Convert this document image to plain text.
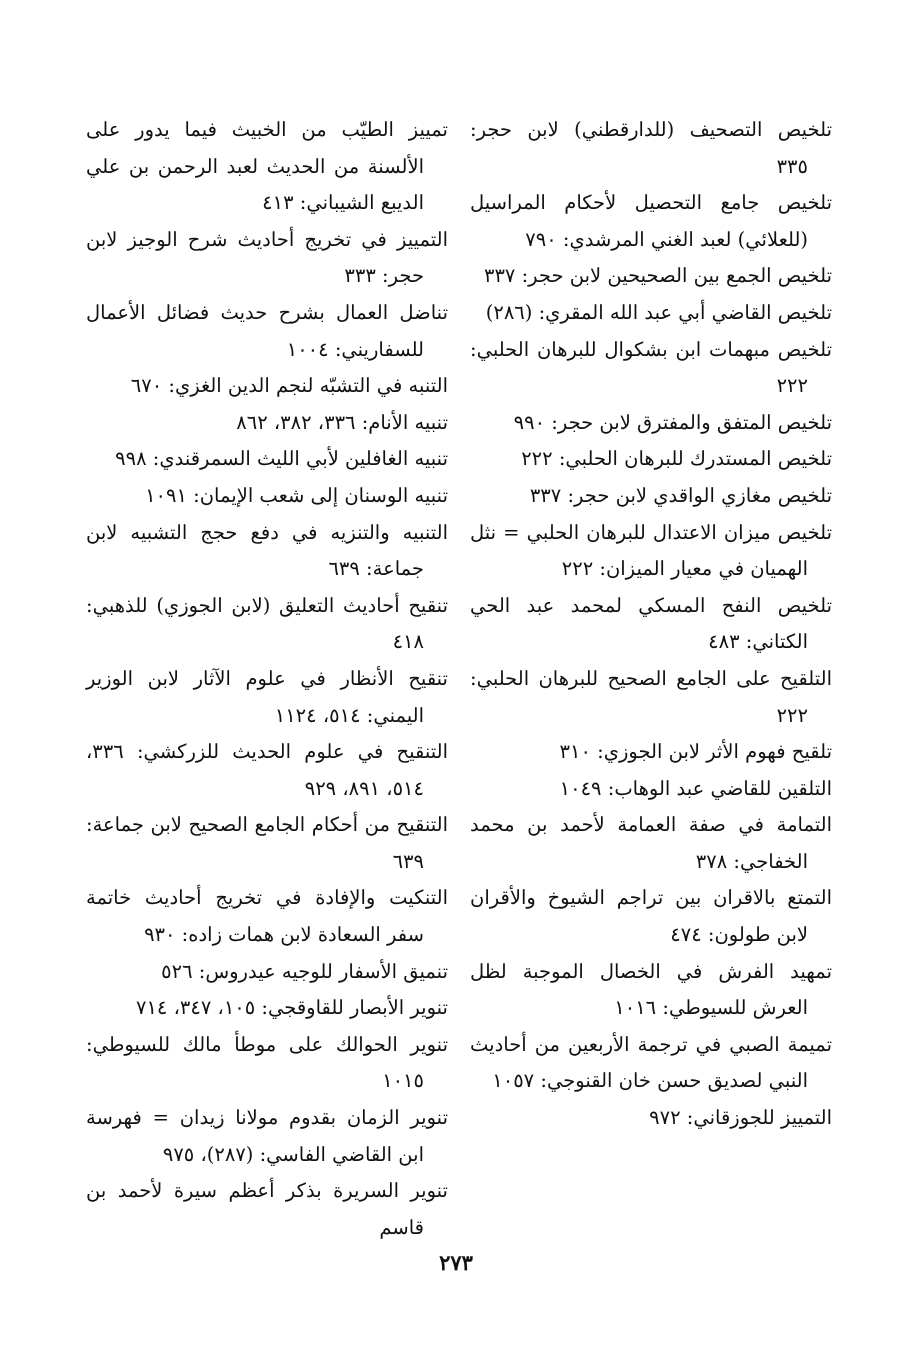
تلخيص التصحيف (للدارقطني) لابن حجر: ٣٣٥
تلخيص جامع التحصيل لأحكام المراسيل (للعلائي) لعبد الغني المرشدي: ٧٩٠
تلخيص الجمع بين الصحيحين لابن حجر: ٣٣٧
تلخيص القاضي أبي عبد الله المقري: (٢٨٦)
تلخيص مبهمات ابن بشكوال للبرهان الحلبي: ٢٢٢
تلخيص المتفق والمفترق لابن حجر: ٩٩٠
تلخيص المستدرك للبرهان الحلبي: ٢٢٢
تلخيص مغازي الواقدي لابن حجر: ٣٣٧
تلخيص ميزان الاعتدال للبرهان الحلبي = نثل الهميان في معيار الميزان: ٢٢٢
تلخيص النفح المسكي لمحمد عبد الحي الكتاني: ٤٨٣
التلقيح على الجامع الصحيح للبرهان الحلبي: ٢٢٢
تلقيح فهوم الأثر لابن الجوزي: ٣١٠
التلقين للقاضي عبد الوهاب: ١٠٤٩
التمامة في صفة العمامة لأحمد بن محمد الخفاجي: ٣٧٨
التمتع بالاقران بين تراجم الشيوخ والأقران لابن طولون: ٤٧٤
تمهيد الفرش في الخصال الموجبة لظل العرش للسيوطي: ١٠١٦
تميمة الصبي في ترجمة الأربعين من أحاديث النبي لصديق حسن خان القنوجي: ١٠٥٧
التمييز للجوزقاني: ٩٧٢
تمييز الطيّب من الخبيث فيما يدور على الألسنة من الحديث لعبد الرحمن بن علي الديبع الشيباني: ٤١٣
التمييز في تخريج أحاديث شرح الوجيز لابن حجر: ٣٣٣
تناضل العمال بشرح حديث فضائل الأعمال للسفاريني: ١٠٠٤
التنبه في التشبّه لنجم الدين الغزي: ٦٧٠
تنبيه الأنام: ٣٣٦، ٣٨٢، ٨٦٢
تنبيه الغافلين لأبي الليث السمرقندي: ٩٩٨
تنبيه الوسنان إلى شعب الإيمان: ١٠٩١
التنبيه والتنزيه في دفع حجج التشبيه لابن جماعة: ٦٣٩
تنقيح أحاديث التعليق (لابن الجوزي) للذهبي: ٤١٨
تنقيح الأنظار في علوم الآثار لابن الوزير اليمني: ٥١٤، ١١٢٤
التنقيح في علوم الحديث للزركشي: ٣٣٦، ٥١٤، ٨٩١، ٩٢٩
التنقيح من أحكام الجامع الصحيح لابن جماعة: ٦٣٩
التنكيت والإفادة في تخريج أحاديث خاتمة سفر السعادة لابن همات زاده: ٩٣٠
تنميق الأسفار للوجيه عيدروس: ٥٢٦
تنوير الأبصار للقاوقجي: ١٠٥، ٣٤٧، ٧١٤
تنوير الحوالك على موطأ مالك للسيوطي: ١٠١٥
تنوير الزمان بقدوم مولانا زيدان = فهرسة ابن القاضي الفاسي: (٢٨٧)، ٩٧٥
تنوير السريرة بذكر أعظم سيرة لأحمد بن قاسم
٢٧٣
